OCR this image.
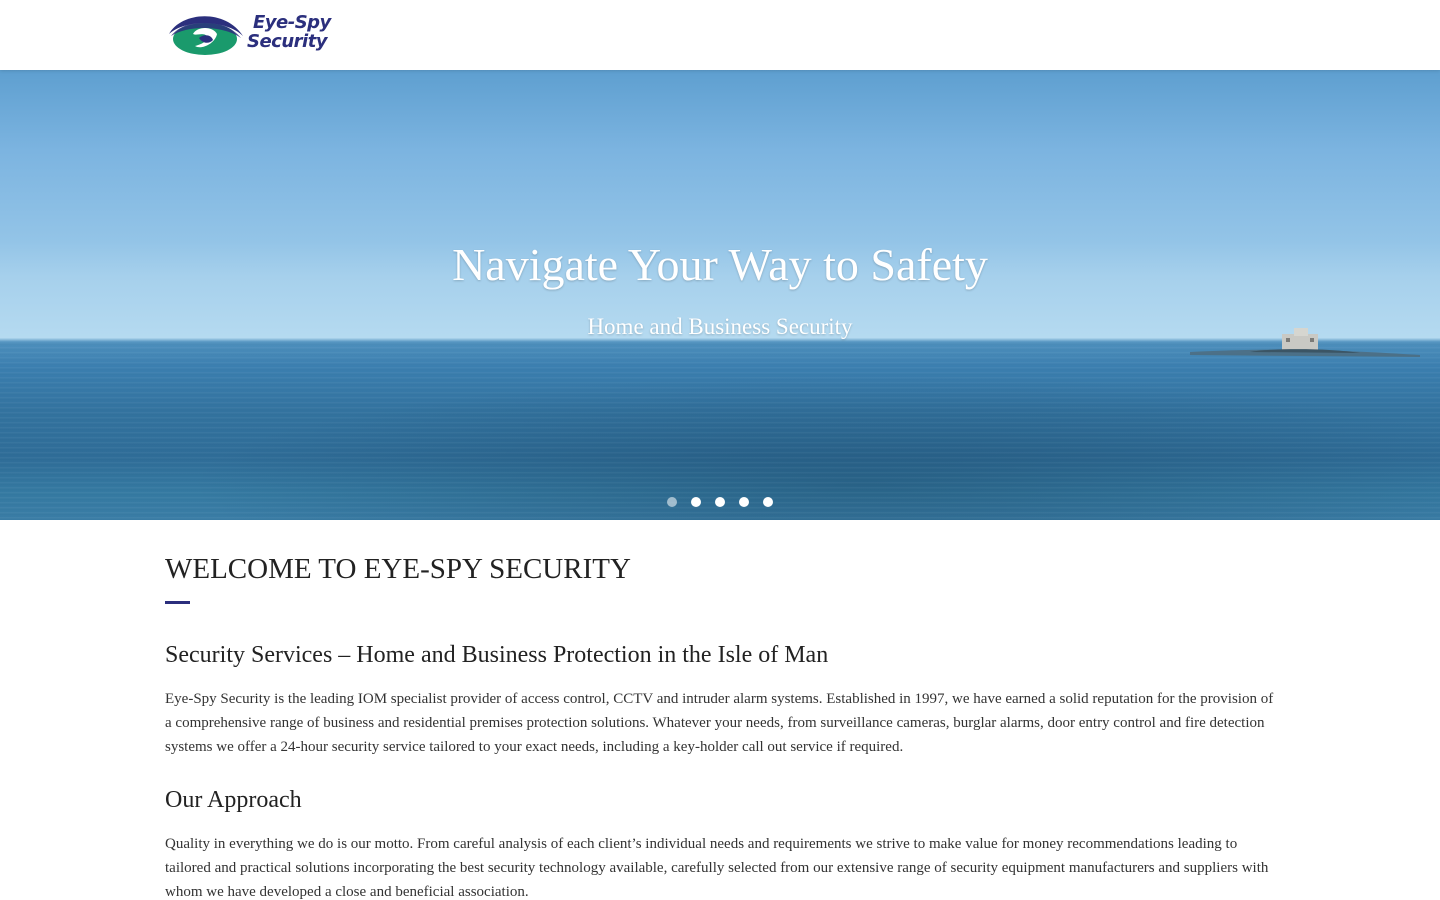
Eye-Spy
Security
Navigate Your Way to Safety

Home and Business Security

WELCOME TO EYE-SPY SECURITY
Security Services – Home and Business Protection in the Isle of Man

Eye-Spy Security is the leading IOM specialist provider of access control, CCTV and intruder alarm systems. Established in 1997, we have earned a solid reputation for the provision of a comprehensive range of business and residential premises protection solutions. Whatever your needs, from surveillance cameras, burglar alarms, door entry control and fire detection systems we offer a 24-hour security service tailored to your exact needs, including a key-holder call out service if required.

Our Approach

Quality in everything we do is our motto. From careful analysis of each client’s individual needs and requirements we strive to make value for money recommendations leading to tailored and practical solutions incorporating the best security technology available, carefully selected from our extensive range of security equipment manufacturers and suppliers with whom we have developed a close and beneficial association.
